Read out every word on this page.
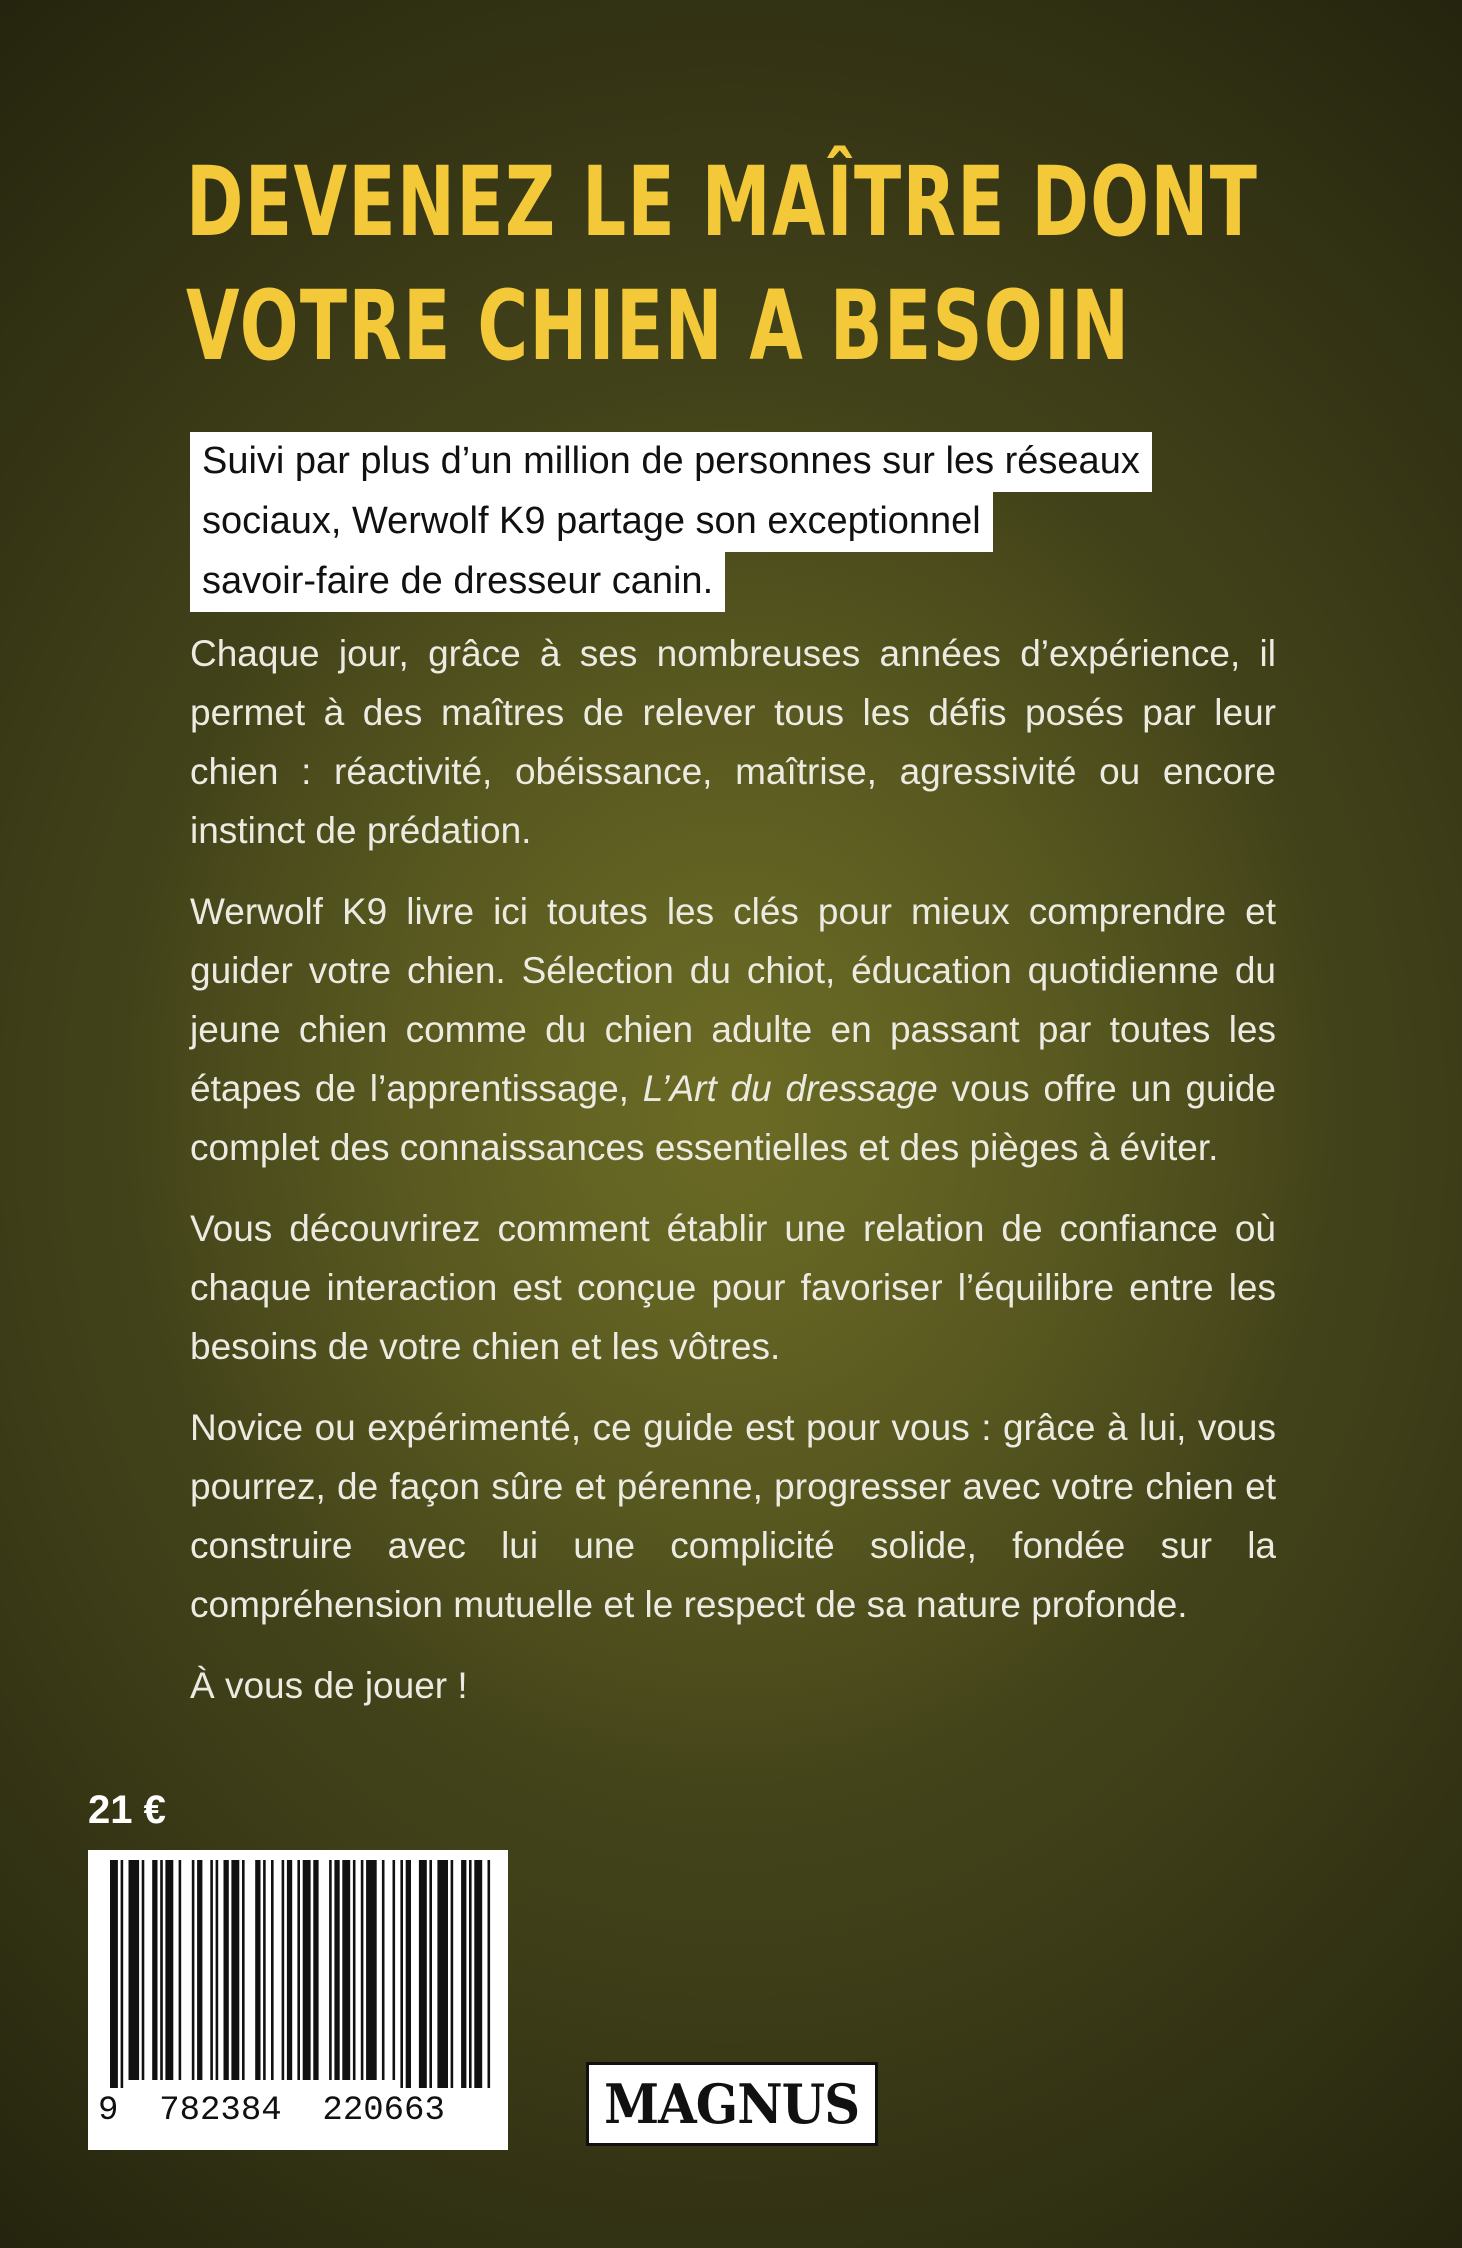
DEVENEZ LE MAÎTRE DONT
VOTRE CHIEN A BESOIN
Suivi par plus d’un million de personnes sur les réseaux
sociaux, Werwolf K9 partage son exceptionnel
savoir-faire de dresseur canin.

Chaque jour, grâce à ses nombreuses années d’expérience, il permet à des maîtres de relever tous les défis posés par leur chien : réactivité, obéissance, maîtrise, agressivité ou encore instinct de prédation.

Werwolf K9 livre ici toutes les clés pour mieux comprendre et guider votre chien. Sélection du chiot, éducation quotidienne du jeune chien comme du chien adulte en passant par toutes les étapes de l’apprentissage, L’Art du dressage vous offre un guide complet des connaissances essentielles et des pièges à éviter.

Vous découvrirez comment établir une relation de confiance où chaque interaction est conçue pour favoriser l’équilibre entre les besoins de votre chien et les vôtres.

Novice ou expérimenté, ce guide est pour vous : grâce à lui, vous pourrez, de façon sûre et pérenne, progresser avec votre chien et construire avec lui une complicité solide, fondée sur la compréhension mutuelle et le respect de sa nature profonde.

À vous de jouer !

21 €
9  782384  220663	MAGNUS
